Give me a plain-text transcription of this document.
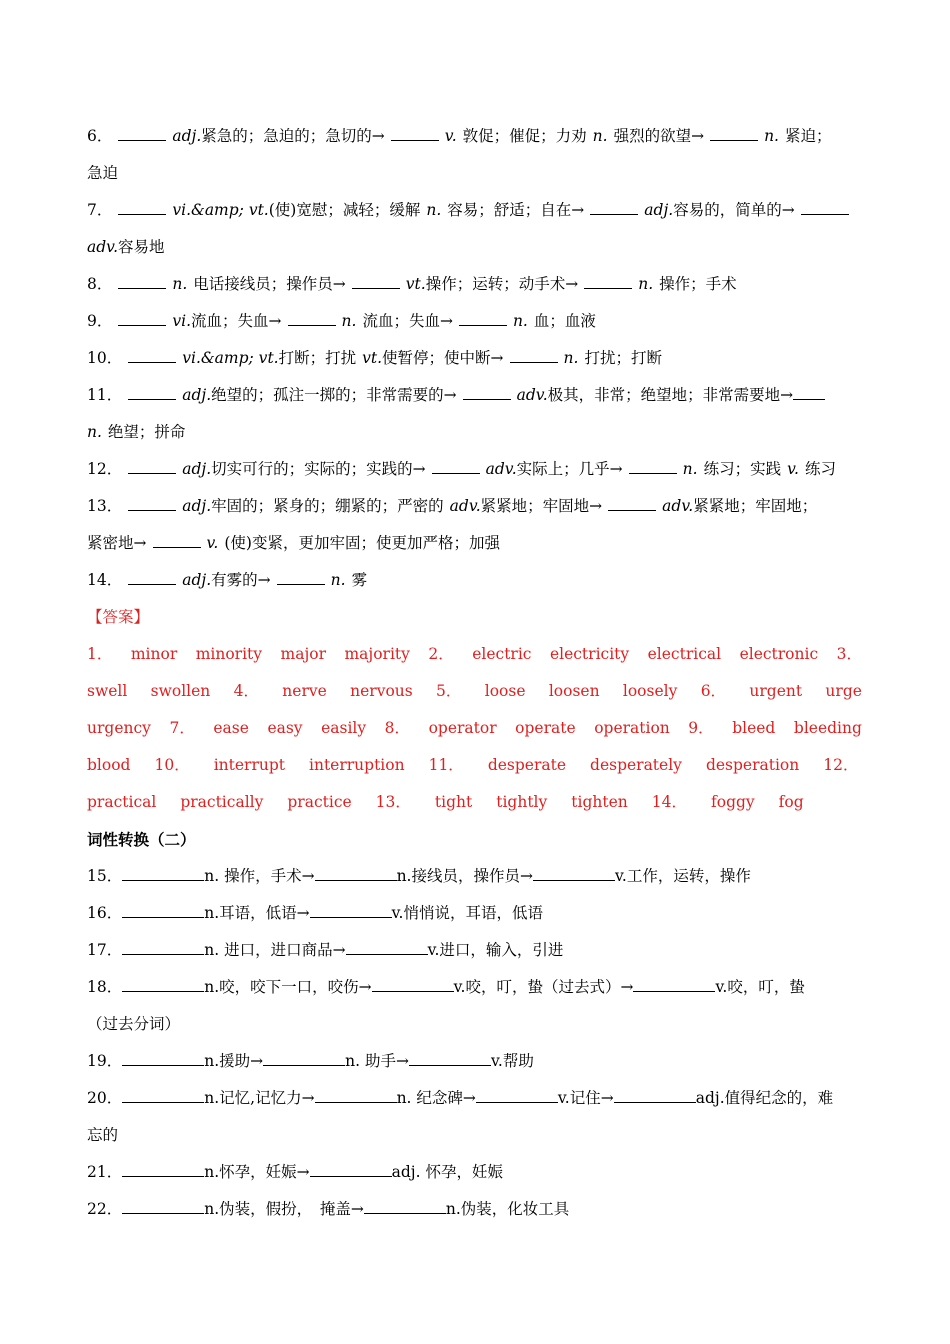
6．	adj.紧急的；急迫的；急切的→	v. 敦促；催促；力劝 n. 强烈的欲望→	n. 紧迫；
急迫
7．	vi.&amp; vt.(使)宽慰；减轻；缓解 n. 容易；舒适；自在→	adj.容易的，简单的→
adv.容易地
8．	n. 电话接线员；操作员→	vt.操作；运转；动手术→	n. 操作；手术
9．	vi.流血；失血→	n. 流血；失血→	n. 血；血液
10．	vi.&amp; vt.打断；打扰 vt.使暂停；使中断→	n. 打扰；打断
11．	adj.绝望的；孤注一掷的；非常需要的→	adv.极其，非常；绝望地；非常需要地→
n. 绝望；拼命
12．	adj.切实可行的；实际的；实践的→	adv.实际上；几乎→	n. 练习；实践 v. 练习
13．	adj.牢固的；紧身的；绷紧的；严密的 adv.紧紧地；牢固地→	adv.紧紧地；牢固地；
紧密地→	v. (使)变紧，更加牢固；使更加严格；加强
14．	adj.有雾的→	n. 雾
【答案】
1． minor minority major majority 2． electric electricity electrical electronic 3．
swell swollen 4． nerve nervous 5． loose loosen loosely 6． urgent urge
urgency 7． ease easy easily 8． operator operate operation 9． bleed bleeding
blood 10． interrupt interruption 11． desperate desperately desperation 12．
practical practically practice 13． tight tightly tighten 14． foggy fog
词性转换（二）
15．	n. 操作，手术→	n.接线员，操作员→	v.工作，运转，操作
16．	n.耳语，低语→	v.悄悄说，耳语，低语
17．	n. 进口，进口商品→	v.进口，输入，引进
18．	n.咬，咬下一口，咬伤→	v.咬，叮，蛰（过去式）→	v.咬，叮，蛰
（过去分词）
19．	n.援助→	n. 助手→	v.帮助
20．	n.记忆,记忆力→	n. 纪念碑→	v.记住→	adj.值得纪念的，难
忘的
21．	n.怀孕，妊娠→	adj. 怀孕，妊娠
22．	n.伪装，假扮，　掩盖→	n.伪装，化妆工具
